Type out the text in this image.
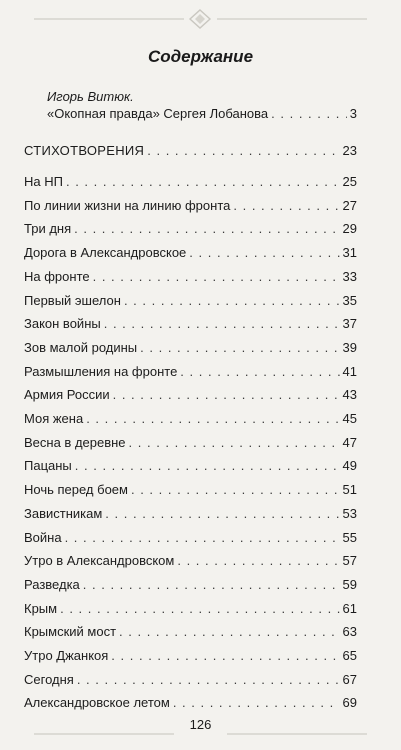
Содержание
Игорь Витюк.
«Окопная правда» Сергея Лобанова . . .	3
СТИХОТВОРЕНИЯ . . .	23
На НП . . .	25
По линии жизни на линию фронта . . .	27
Три дня . . .	29
Дорога в Александровское . . .	31
На фронте . . .	33
Первый эшелон . . .	35
Закон войны . . .	37
Зов малой родины . . .	39
Размышления на фронте . . .	41
Армия России . . .	43
Моя жена . . .	45
Весна в деревне . . .	47
Пацаны . . .	49
Ночь перед боем . . .	51
Завистникам . . .	53
Война . . .	55
Утро в Александровском . . .	57
Разведка . . .	59
Крым . . .	61
Крымский мост . . .	63
Утро Джанкоя . . .	65
Сегодня . . .	67
Александровское летом . . .	69
126
